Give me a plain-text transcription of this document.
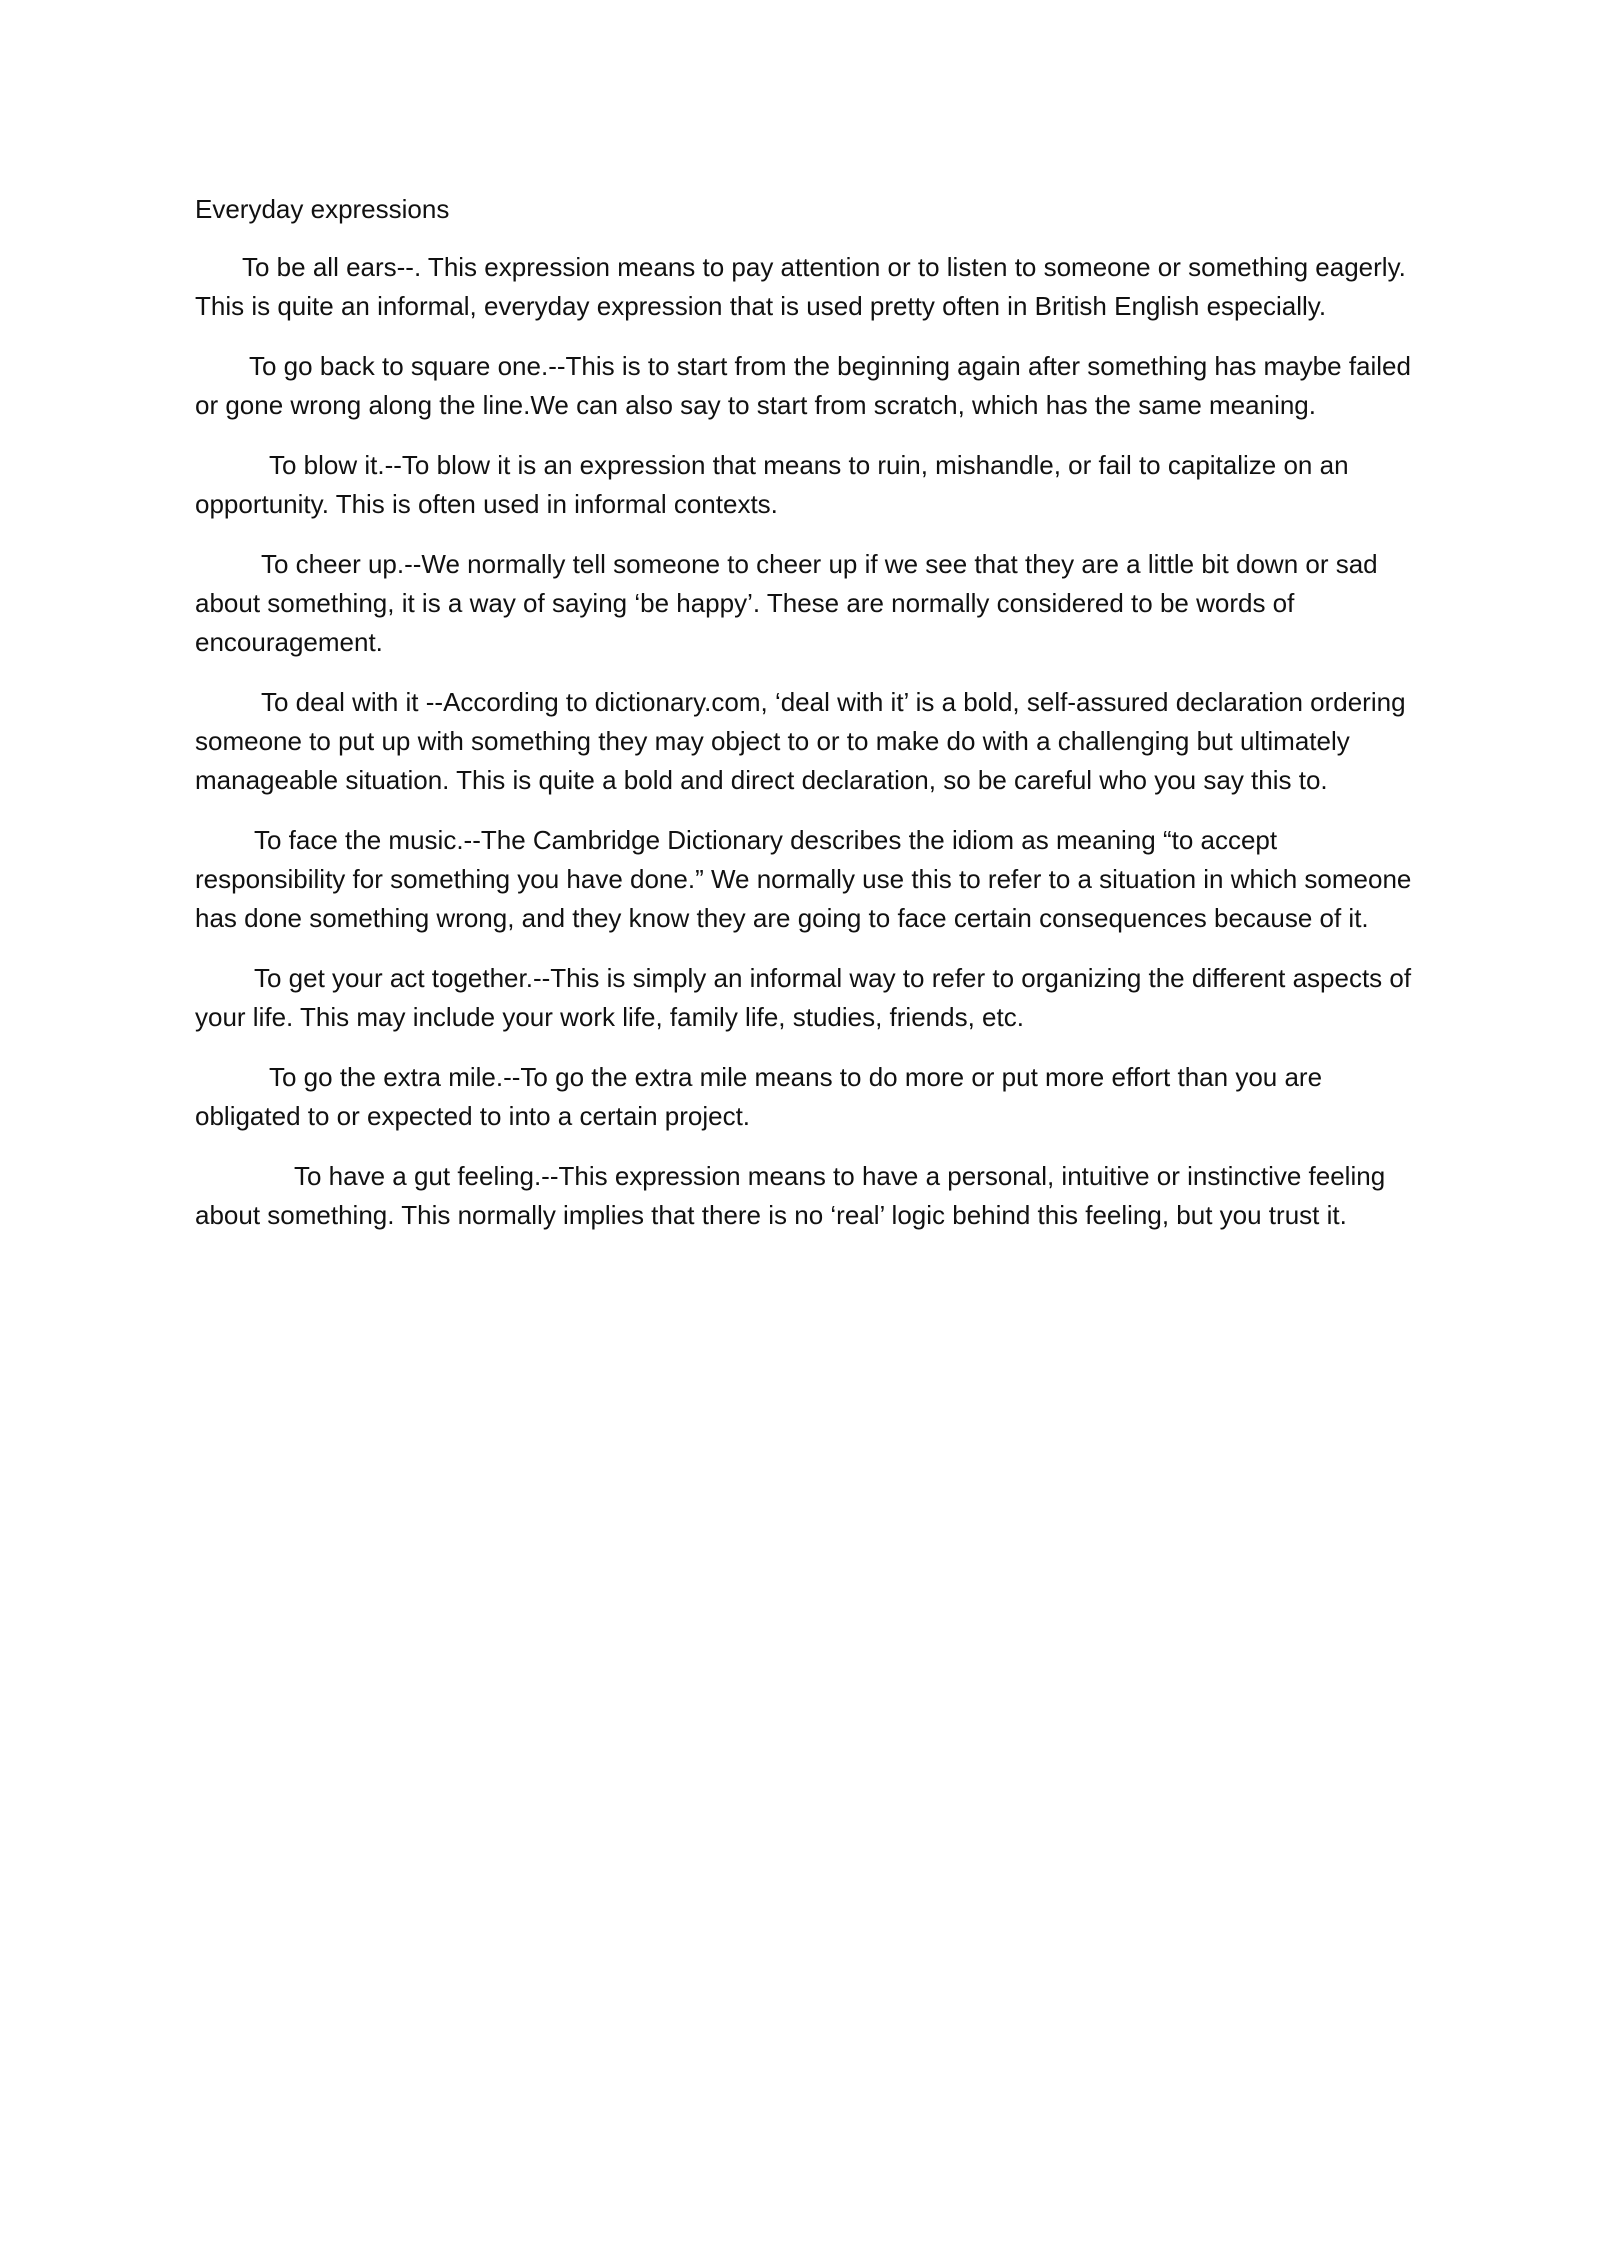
Everyday expressions

To be all ears--. This expression means to pay attention or to listen to someone or something eagerly. This is quite an informal, everyday expression that is used pretty often in British English especially.

To go back to square one.--This is to start from the beginning again after something has maybe failed or gone wrong along the line.We can also say to start from scratch, which has the same meaning.

To blow it.--To blow it is an expression that means to ruin, mishandle, or fail to capitalize on an opportunity. This is often used in informal contexts.

To cheer up.--We normally tell someone to cheer up if we see that they are a little bit down or sad about something, it is a way of saying ‘be happy’. These are normally considered to be words of encouragement.

To deal with it --According to dictionary.com, ‘deal with it’ is a bold, self-assured declaration ordering someone to put up with something they may object to or to make do with a challenging but ultimately manageable situation. This is quite a bold and direct declaration, so be careful who you say this to.

To face the music.--The Cambridge Dictionary describes the idiom as meaning “to accept responsibility for something you have done.” We normally use this to refer to a situation in which someone has done something wrong, and they know they are going to face certain consequences because of it.

To get your act together.--This is simply an informal way to refer to organizing the different aspects of your life. This may include your work life, family life, studies, friends, etc.

To go the extra mile.--To go the extra mile means to do more or put more effort than you are obligated to or expected to into a certain project.

To have a gut feeling.--This expression means to have a personal, intuitive or instinctive feeling about something. This normally implies that there is no ‘real’ logic behind this feeling, but you trust it.
